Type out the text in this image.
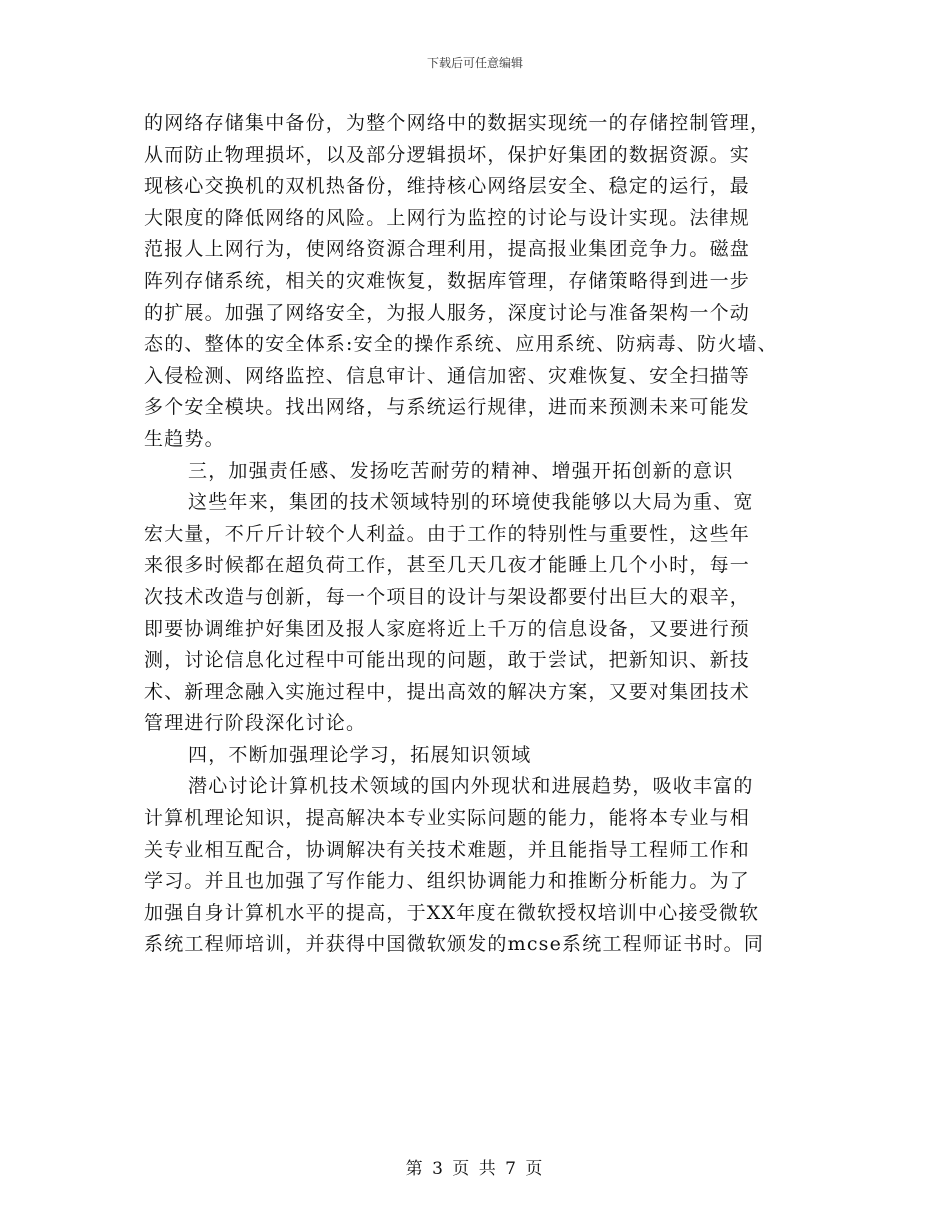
下载后可任意编辑
的网络存储集中备份，为整个网络中的数据实现统一的存储控制管理，
从而防止物理损坏，以及部分逻辑损坏，保护好集团的数据资源。实
现核心交换机的双机热备份，维持核心网络层安全、稳定的运行，最
大限度的降低网络的风险。上网行为监控的讨论与设计实现。法律规
范报人上网行为，使网络资源合理利用，提高报业集团竞争力。磁盘
阵列存储系统，相关的灾难恢复，数据库管理，存储策略得到进一步
的扩展。加强了网络安全，为报人服务，深度讨论与准备架构一个动
态的、整体的安全体系:安全的操作系统、应用系统、防病毒、防火墙、
入侵检测、网络监控、信息审计、通信加密、灾难恢复、安全扫描等
多个安全模块。找出网络，与系统运行规律，进而来预测未来可能发
生趋势。
三，加强责任感、发扬吃苦耐劳的精神、增强开拓创新的意识
这些年来，集团的技术领域特别的环境使我能够以大局为重、宽
宏大量，不斤斤计较个人利益。由于工作的特别性与重要性，这些年
来很多时候都在超负荷工作，甚至几天几夜才能睡上几个小时，每一
次技术改造与创新，每一个项目的设计与架设都要付出巨大的艰辛，
即要协调维护好集团及报人家庭将近上千万的信息设备，又要进行预
测，讨论信息化过程中可能出现的问题，敢于尝试，把新知识、新技
术、新理念融入实施过程中，提出高效的解决方案，又要对集团技术
管理进行阶段深化讨论。
四，不断加强理论学习，拓展知识领域
潜心讨论计算机技术领域的国内外现状和进展趋势，吸收丰富的
计算机理论知识，提高解决本专业实际问题的能力，能将本专业与相
关专业相互配合，协调解决有关技术难题，并且能指导工程师工作和
学习。并且也加强了写作能力、组织协调能力和推断分析能力。为了
加强自身计算机水平的提高，于XX年度在微软授权培训中心接受微软
系统工程师培训，并获得中国微软颁发的mcse系统工程师证书时。同
第 3 页 共 7 页
